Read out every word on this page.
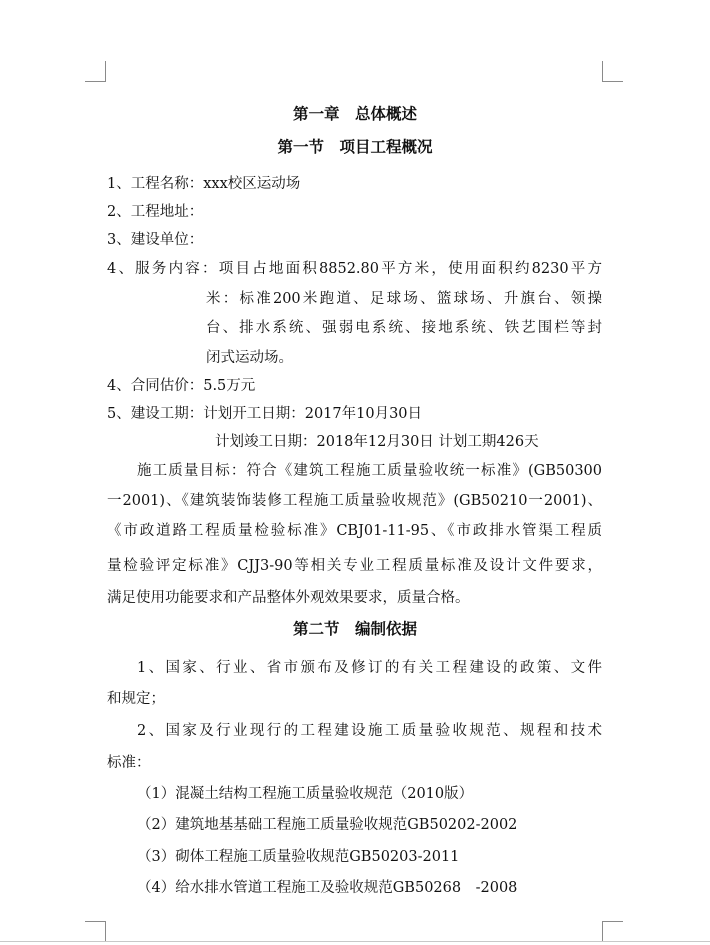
第一章　总体概述
第一节　项目工程概况
1、工程名称：xxx校区运动场
2、工程地址：
3、建设单位：
4、服务内容：项目占地面积8852.80平方米，使用面积约8230平方
米：标准200米跑道、足球场、篮球场、升旗台、领操
台、排水系统、强弱电系统、接地系统、铁艺围栏等封
闭式运动场。
4、合同估价：5.5万元
5、建设工期：计划开工日期：2017年10月30日
计划竣工日期：2018年12月30日 计划工期426天
施工质量目标：符合《建筑工程施工质量验收统一标准》(GB50300
一2001)、《建筑装饰装修工程施工质量验收规范》(GB50210一2001)、
《市政道路工程质量检验标准》CBJ01-11-95、《市政排水管渠工程质
量检验评定标准》CJJ3-90等相关专业工程质量标准及设计文件要求，
满足使用功能要求和产品整体外观效果要求，质量合格。
第二节　编制依据
1、国家、行业、省市颁布及修订的有关工程建设的政策、文件
和规定；
2、国家及行业现行的工程建设施工质量验收规范、规程和技术
标准：
（1）混凝土结构工程施工质量验收规范（2010版）
（2）建筑地基基础工程施工质量验收规范GB50202-2002
（3）砌体工程施工质量验收规范GB50203-2011
（4）给水排水管道工程施工及验收规范GB50268　-2008
